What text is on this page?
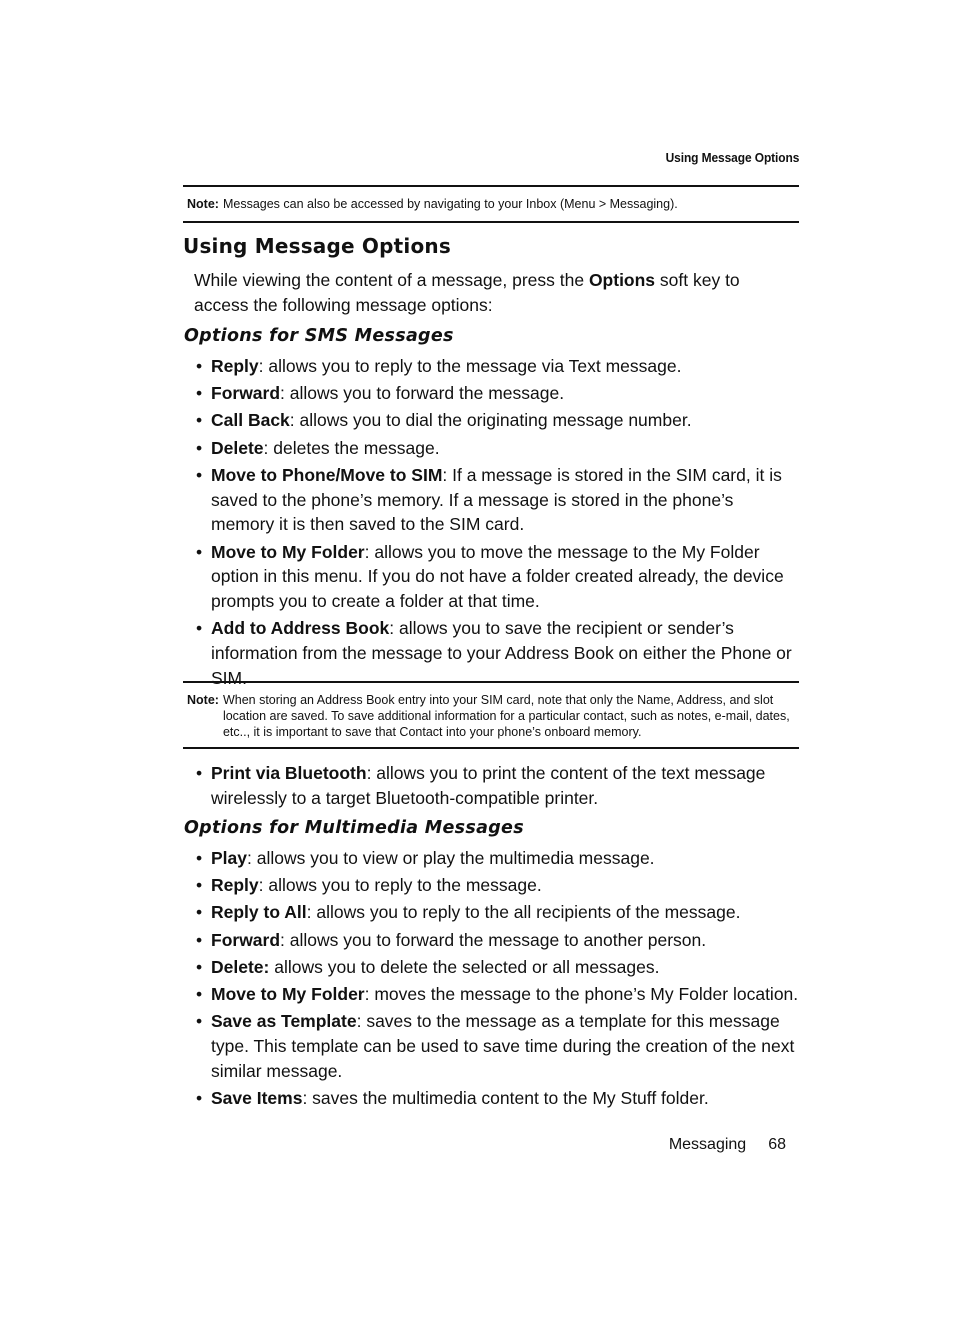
Using Message Options
Note: Messages can also be accessed by navigating to your Inbox (Menu > Messaging).
Using Message Options

While viewing the content of a message, press the Options soft key to access the following message options:

Options for SMS Messages
• Reply: allows you to reply to the message via Text message.
• Forward: allows you to forward the message.
• Call Back: allows you to dial the originating message number.
• Delete: deletes the message.
• Move to Phone/Move to SIM: If a message is stored in the SIM card, it is saved to the phone’s memory. If a message is stored in the phone’s memory it is then saved to the SIM card.
• Move to My Folder: allows you to move the message to the My Folder option in this menu. If you do not have a folder created already, the device prompts you to create a folder at that time.
• Add to Address Book: allows you to save the recipient or sender’s information from the message to your Address Book on either the Phone or SIM.
Note: When storing an Address Book entry into your SIM card, note that only the Name, Address, and slot location are saved. To save additional information for a particular contact, such as notes, e-mail, dates, etc.., it is important to save that Contact into your phone’s onboard memory.
• Print via Bluetooth: allows you to print the content of the text message wirelessly to a target Bluetooth-compatible printer.
Options for Multimedia Messages
• Play: allows you to view or play the multimedia message.
• Reply: allows you to reply to the message.
• Reply to All: allows you to reply to the all recipients of the message.
• Forward: allows you to forward the message to another person.
• Delete: allows you to delete the selected or all messages.
• Move to My Folder: moves the message to the phone’s My Folder location.
• Save as Template: saves to the message as a template for this message type. This template can be used to save time during the creation of the next similar message.
• Save Items: saves the multimedia content to the My Stuff folder.
Messaging 68
